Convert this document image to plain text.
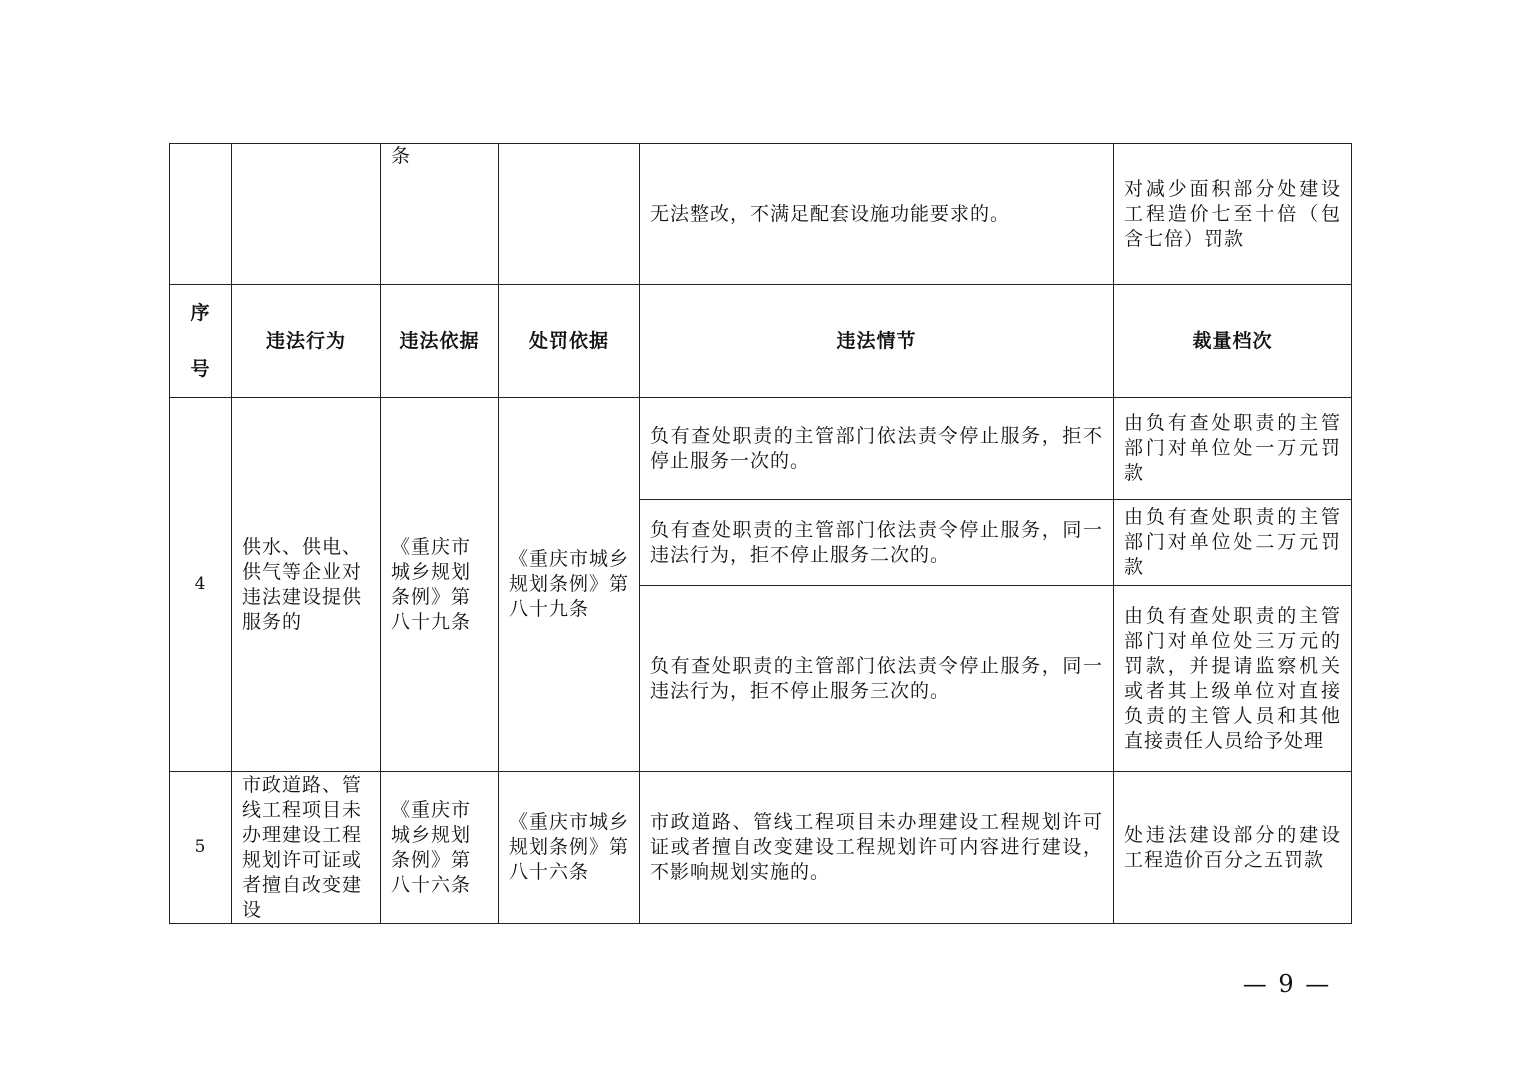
		条		无法整改，不满足配套设施功能要求的。	对减少面积部分处建设工程造价七至十倍（包含七倍）罚款
序
号	违法行为	违法依据	处罚依据	违法情节	裁量档次
4	供水、供电、供气等企业对违法建设提供服务的	《重庆市城乡规划条例》第八十九条	《重庆市城乡规划条例》第八十九条	负有查处职责的主管部门依法责令停止服务，拒不停止服务一次的。	由负有查处职责的主管部门对单位处一万元罚款
				负有查处职责的主管部门依法责令停止服务，同一违法行为，拒不停止服务二次的。	由负有查处职责的主管部门对单位处二万元罚款
				负有查处职责的主管部门依法责令停止服务，同一违法行为，拒不停止服务三次的。	由负有查处职责的主管部门对单位处三万元的罚款，并提请监察机关或者其上级单位对直接负责的主管人员和其他直接责任人员给予处理
5	市政道路、管线工程项目未办理建设工程规划许可证或者擅自改变建设	《重庆市城乡规划条例》第八十六条	《重庆市城乡规划条例》第八十六条	市政道路、管线工程项目未办理建设工程规划许可证或者擅自改变建设工程规划许可内容进行建设，不影响规划实施的。	处违法建设部分的建设工程造价百分之五罚款
— 9 —
